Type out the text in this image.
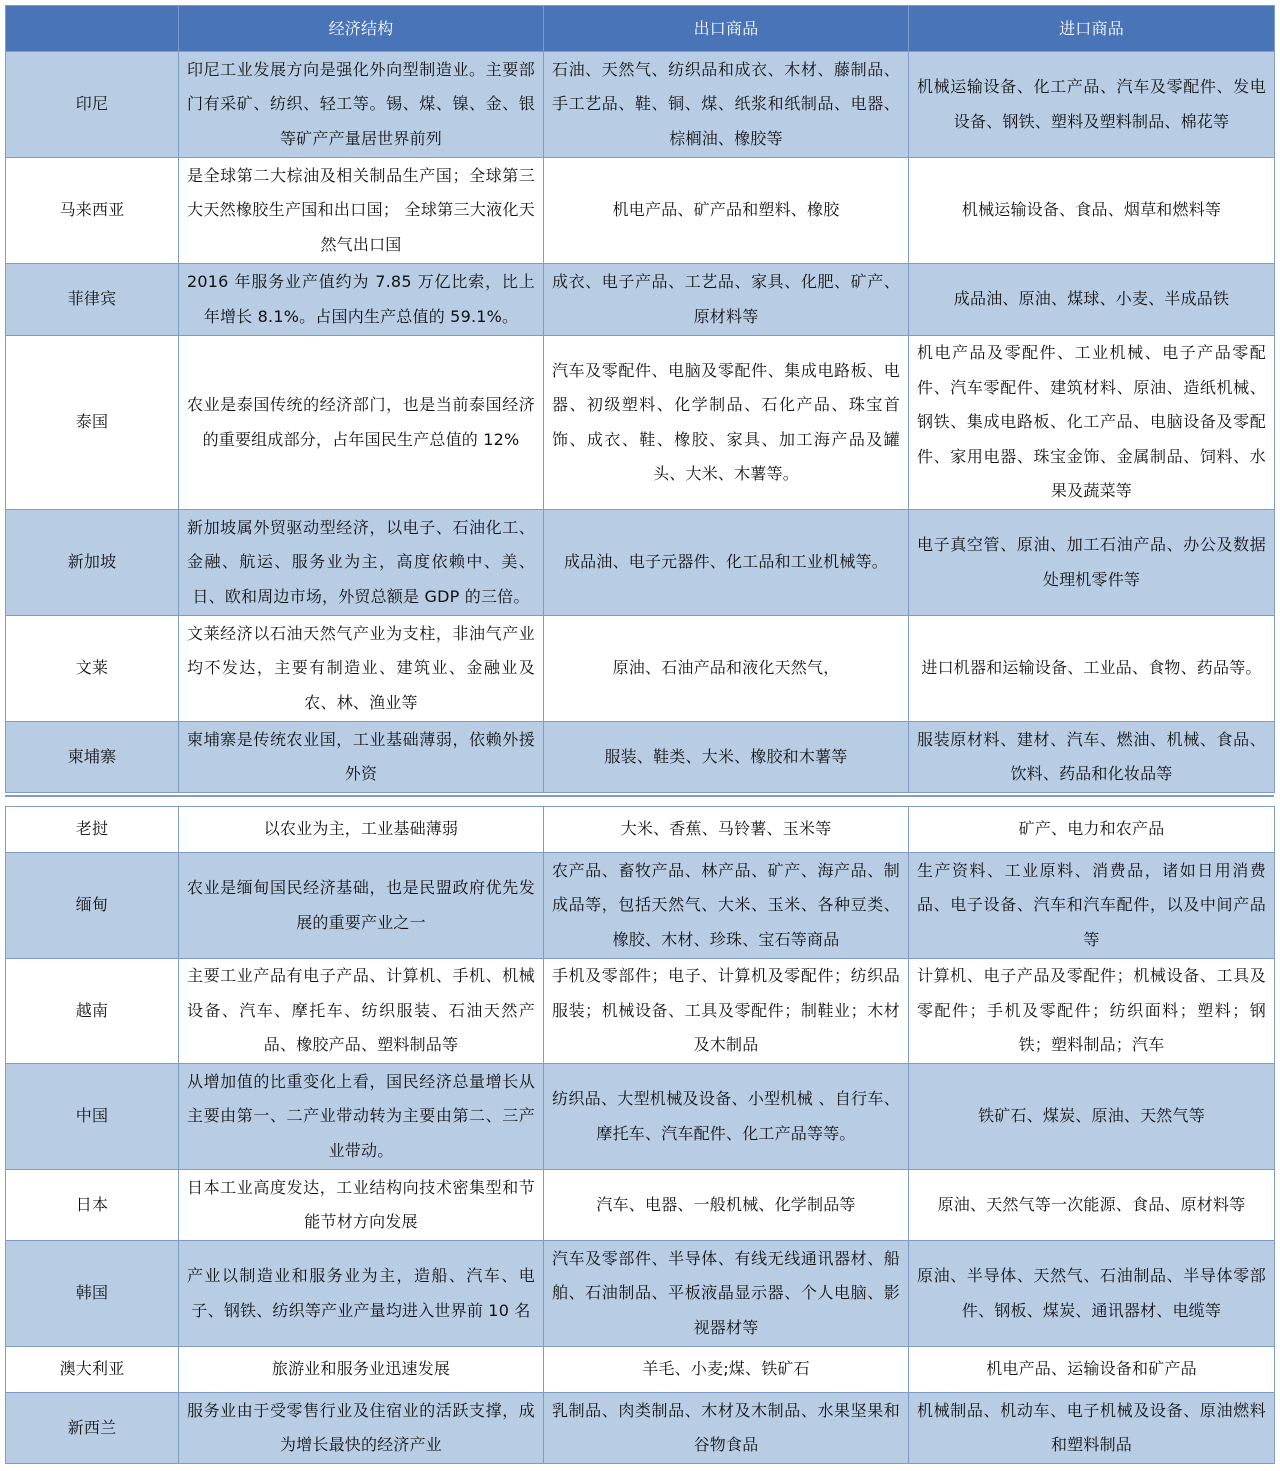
	经济结构	出口商品	进口商品
印尼	印尼工业发展方向是强化外向型制造业。主要部门有采矿、纺织、轻工等。锡、煤、镍、金、银等矿产产量居世界前列	石油、天然气、纺织品和成衣、木材、藤制品、手工艺品、鞋、铜、煤、纸浆和纸制品、电器、棕榈油、橡胶等	机械运输设备、化工产品、汽车及零配件、发电设备、钢铁、塑料及塑料制品、棉花等
马来西亚	是全球第二大棕油及相关制品生产国；全球第三大天然橡胶生产国和出口国； 全球第三大液化天然气出口国	机电产品、矿产品和塑料、橡胶	机械运输设备、食品、烟草和燃料等
菲律宾	2016 年服务业产值约为 7.85 万亿比索，比上年增长 8.1%。占国内生产总值的 59.1%。	成衣、电子产品、工艺品、家具、化肥、矿产、原材料等	成品油、原油、煤球、小麦、半成品铁
泰国	农业是泰国传统的经济部门，也是当前泰国经济的重要组成部分，占年国民生产总值的 12%	汽车及零配件、电脑及零配件、集成电路板、电器、初级塑料、化学制品、石化产品、珠宝首饰、成衣、鞋、橡胶、家具、加工海产品及罐头、大米、木薯等。	机电产品及零配件、工业机械、电子产品零配件、汽车零配件、建筑材料、原油、造纸机械、钢铁、集成电路板、化工产品、电脑设备及零配件、家用电器、珠宝金饰、金属制品、饲料、水果及蔬菜等
新加坡	新加坡属外贸驱动型经济，以电子、石油化工、金融、航运、服务业为主，高度依赖中、美、日、欧和周边市场，外贸总额是 GDP 的三倍。	成品油、电子元器件、化工品和工业机械等。	电子真空管、原油、加工石油产品、办公及数据处理机零件等
文莱	文莱经济以石油天然气产业为支柱，非油气产业均不发达，主要有制造业、建筑业、金融业及农、林、渔业等	原油、石油产品和液化天然气，	进口机器和运输设备、工业品、食物、药品等。
柬埔寨	柬埔寨是传统农业国，工业基础薄弱，依赖外援外资	服装、鞋类、大米、橡胶和木薯等	服装原材料、建材、汽车、燃油、机械、食品、饮料、药品和化妆品等
老挝	以农业为主，工业基础薄弱	大米、香蕉、马铃薯、玉米等	矿产、电力和农产品
缅甸	农业是缅甸国民经济基础，也是民盟政府优先发展的重要产业之一	农产品、畜牧产品、林产品、矿产、海产品、制成品等，包括天然气、大米、玉米、各种豆类、橡胶、木材、珍珠、宝石等商品	生产资料、工业原料、消费品，诸如日用消费品、电子设备、汽车和汽车配件，以及中间产品等
越南	主要工业产品有电子产品、计算机、手机、机械设备、汽车、摩托车、纺织服装、石油天然产品、橡胶产品、塑料制品等	手机及零部件；电子、计算机及零配件；纺织品服装；机械设备、工具及零配件；制鞋业；木材及木制品	计算机、电子产品及零配件；机械设备、工具及零配件；手机及零配件；纺织面料；塑料；钢铁；塑料制品；汽车
中国	从增加值的比重变化上看，国民经济总量增长从主要由第一、二产业带动转为主要由第二、三产业带动。	纺织品、大型机械及设备、小型机械 、自行车、摩托车、汽车配件、化工产品等等。	铁矿石、煤炭、原油、天然气等
日本	日本工业高度发达，工业结构向技术密集型和节能节材方向发展	汽车、电器、一般机械、化学制品等	原油、天然气等一次能源、食品、原材料等
韩国	产业以制造业和服务业为主，造船、汽车、电子、钢铁、纺织等产业产量均进入世界前 10 名	汽车及零部件、半导体、有线无线通讯器材、船舶、石油制品、平板液晶显示器、个人电脑、影视器材等	原油、半导体、天然气、石油制品、半导体零部件、钢板、煤炭、通讯器材、电缆等
澳大利亚	旅游业和服务业迅速发展	羊毛、小麦;煤、铁矿石	机电产品、运输设备和矿产品
新西兰	服务业由于受零售行业及住宿业的活跃支撑，成为增长最快的经济产业	乳制品、肉类制品、木材及木制品、水果坚果和谷物食品	机械制品、机动车、电子机械及设备、原油燃料和塑料制品
